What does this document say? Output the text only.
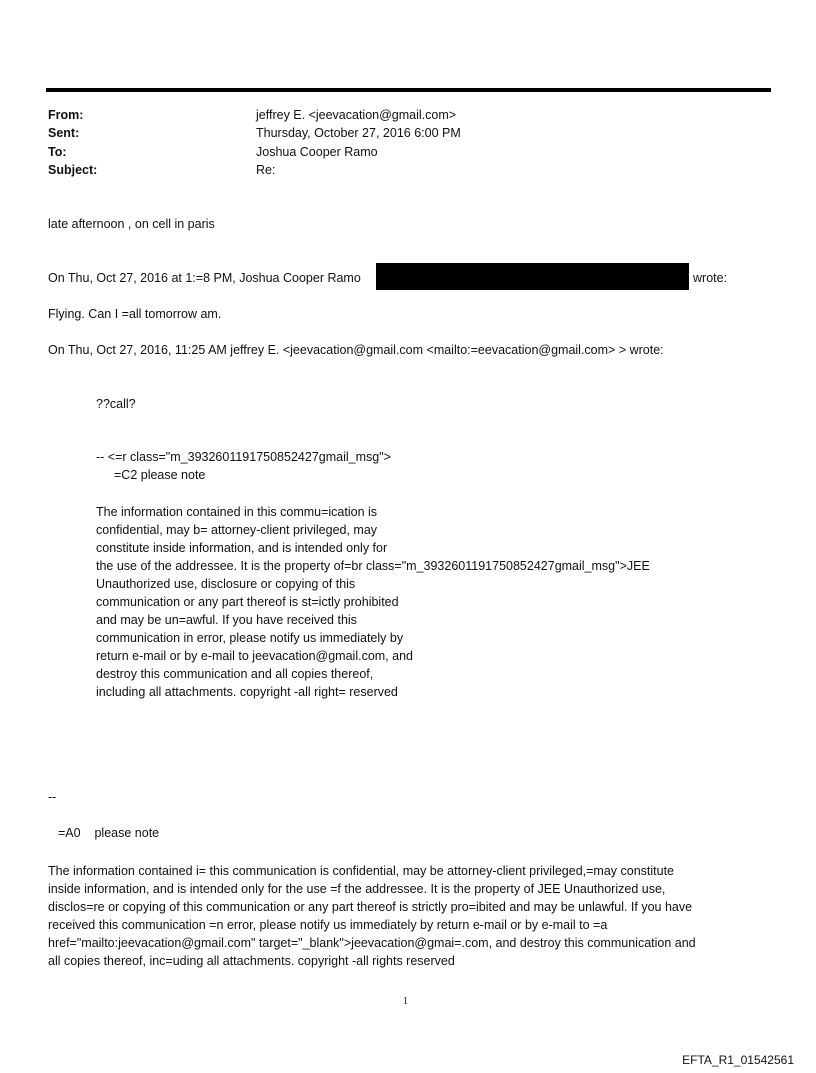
From:	jeffrey E. <jeevacation@gmail.com>
Sent:	Thursday, October 27, 2016 6:00 PM
To:	Joshua Cooper Ramo
Subject:	Re:
late afternoon , on cell in paris
On Thu, Oct 27, 2016 at 1:=8 PM, Joshua Cooper Ramo	wrote:
Flying. Can I =all tomorrow am.
On Thu, Oct 27, 2016, 11:25 AM jeffrey E. <jeevacation@gmail.com <mailto:=eevacation@gmail.com> > wrote:
??call?
-- <=r class="m_3932601191750852427gmail_msg">
=C2 please note
The information contained in this commu=ication is
confidential, may b= attorney-client privileged, may
constitute inside information, and is intended only for
the use of the addressee. It is the property of=br class="m_3932601191750852427gmail_msg">JEE
Unauthorized use, disclosure or copying of this
communication or any part thereof is st=ictly prohibited
and may be un=awful. If you have received this
communication in error, please notify us immediately by
return e-mail or by e-mail to jeevacation@gmail.com, and
destroy this communication and all copies thereof,
including all attachments. copyright -all right= reserved
--
=A0    please note
The information contained i= this communication is confidential, may be attorney-client privileged,=may constitute
inside information, and is intended only for the use =f the addressee. It is the property of JEE Unauthorized use,
disclos=re or copying of this communication or any part thereof is strictly pro=ibited and may be unlawful. If you have
received this communication =n error, please notify us immediately by return e-mail or by e-mail to =a
href="mailto:jeevacation@gmail.com" target="_blank">jeevacation@gmai=.com, and destroy this communication and
all copies thereof, inc=uding all attachments. copyright -all rights reserved
1
EFTA_R1_01542561
